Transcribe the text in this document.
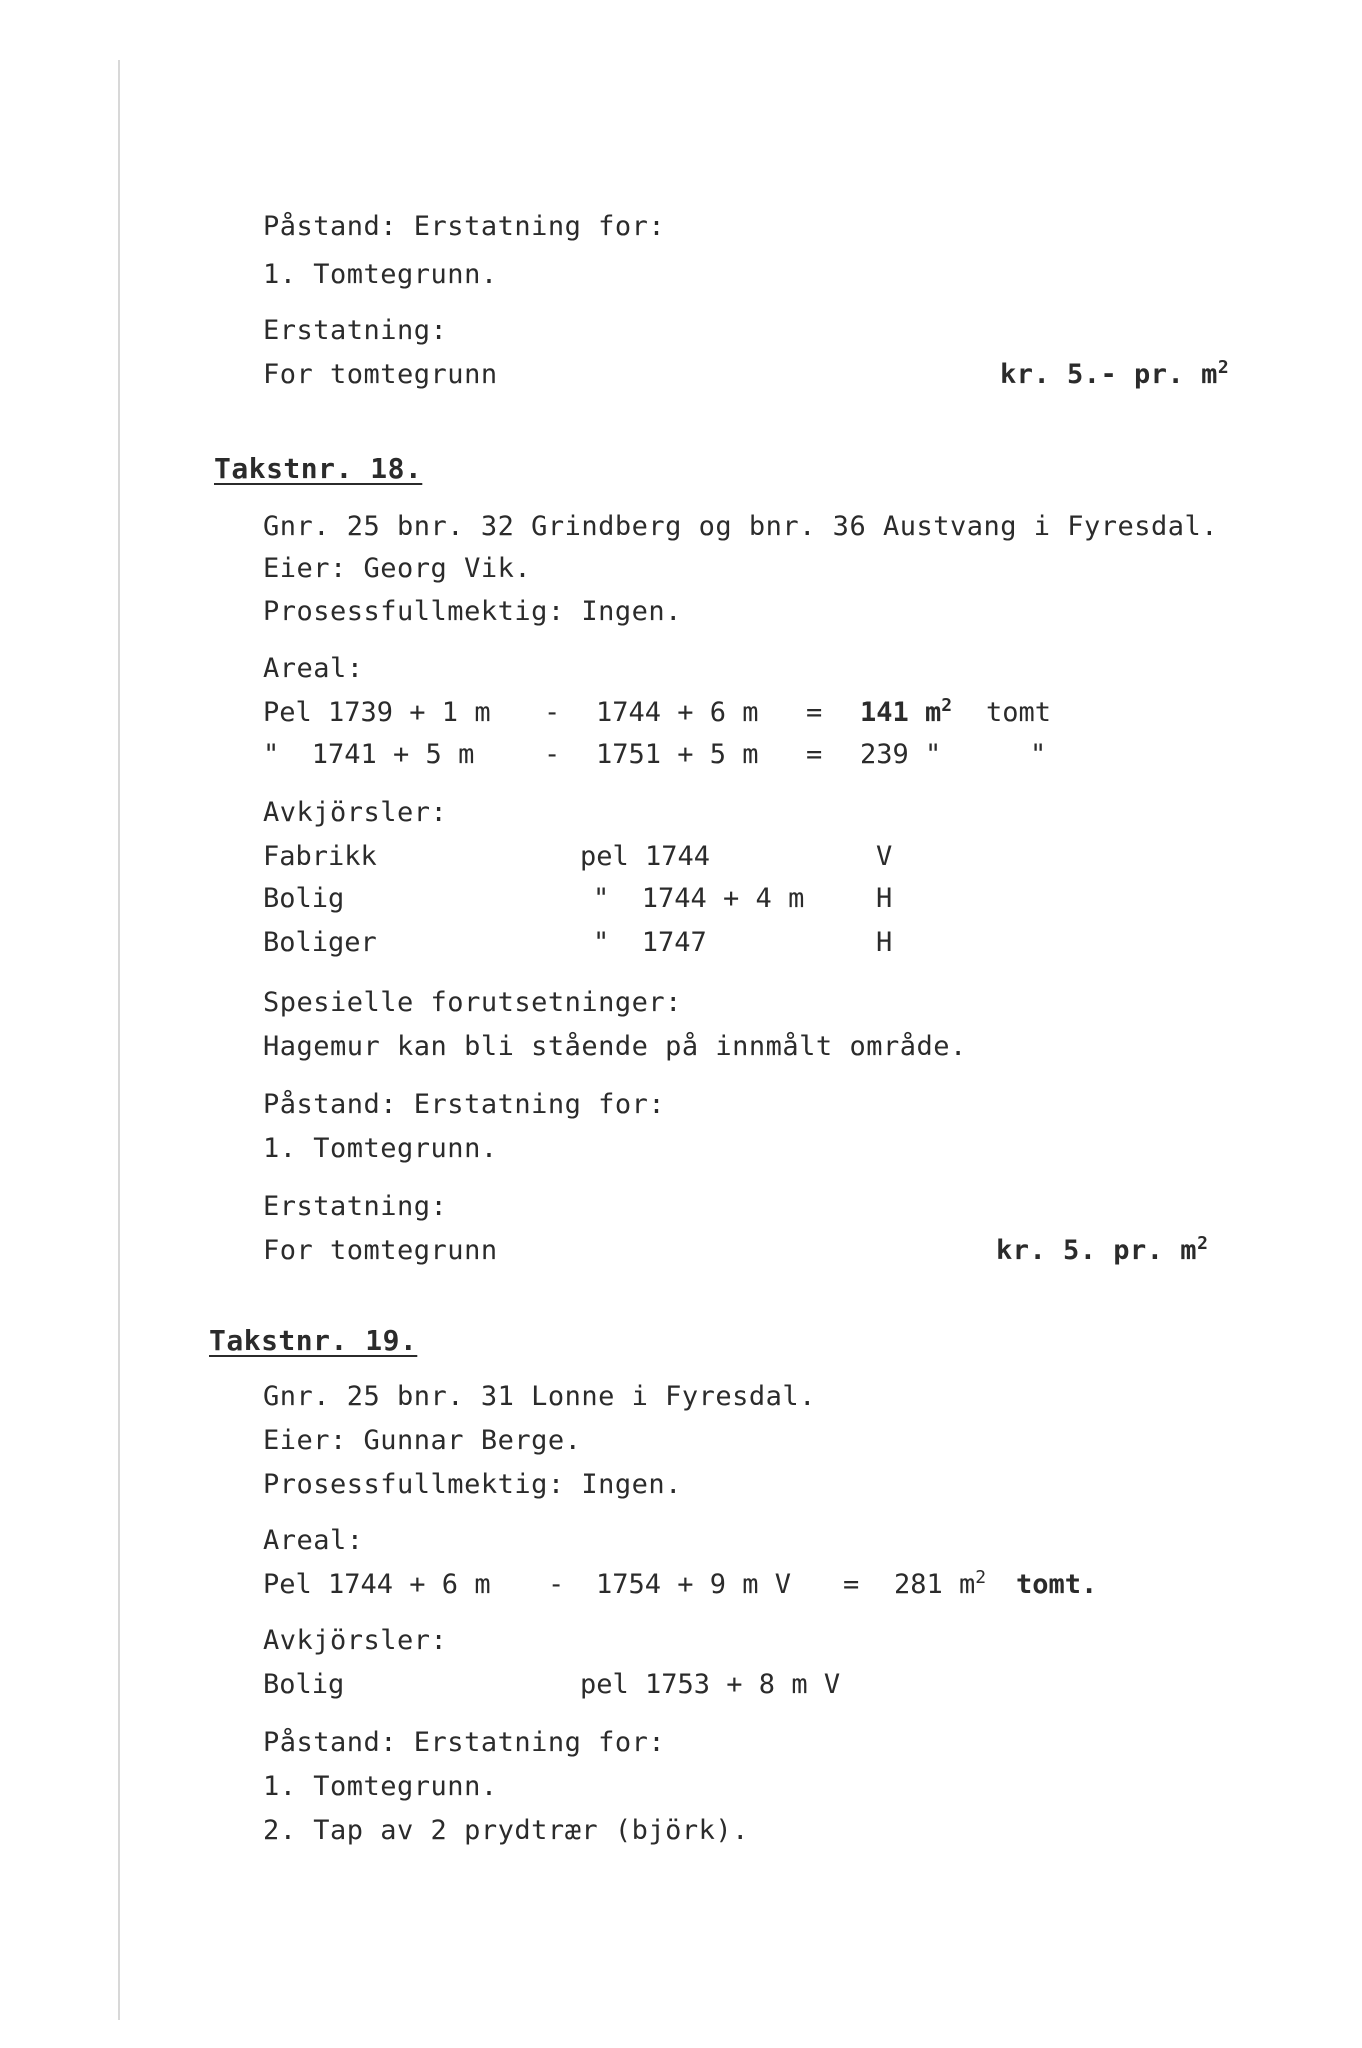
Påstand: Erstatning for:
1. Tomtegrunn.
Erstatning:
For tomtegrunn	kr. 5.- pr. $m^2$
Takstnr. 18.
Gnr. 25 bnr. 32 Grindberg og bnr. 36 Austvang i Fyresdal.
Eier: Georg Vik.
Prosessfullmektig: Ingen.
Areal:
Pel 1739 + 1 m - 1744 + 6 m = 141 $m^2$ tomt
"  1741 + 5 m	- 1751 + 5 m = 239 "	"
Avkjörsler:
Fabrikk	pel 1744	V
Bolig	"  1744 + 4 m	H
Boliger	"  1747	H
Spesielle forutsetninger:
Hagemur kan bli stående på innmålt område.
Påstand: Erstatning for:
1. Tomtegrunn.
Erstatning:
For tomtegrunn	kr. 5. pr. $m^2$
Takstnr. 19.
Gnr. 25 bnr. 31 Lonne i Fyresdal.
Eier: Gunnar Berge.
Prosessfullmektig: Ingen.
Areal:
Pel 1744 + 6 m - 1754 + 9 m V = 281 $m^2$ tomt.
Avkjörsler:
Bolig	pel 1753 + 8 m V
Påstand: Erstatning for:
1. Tomtegrunn.
2. Tap av 2 prydtrær (björk).
